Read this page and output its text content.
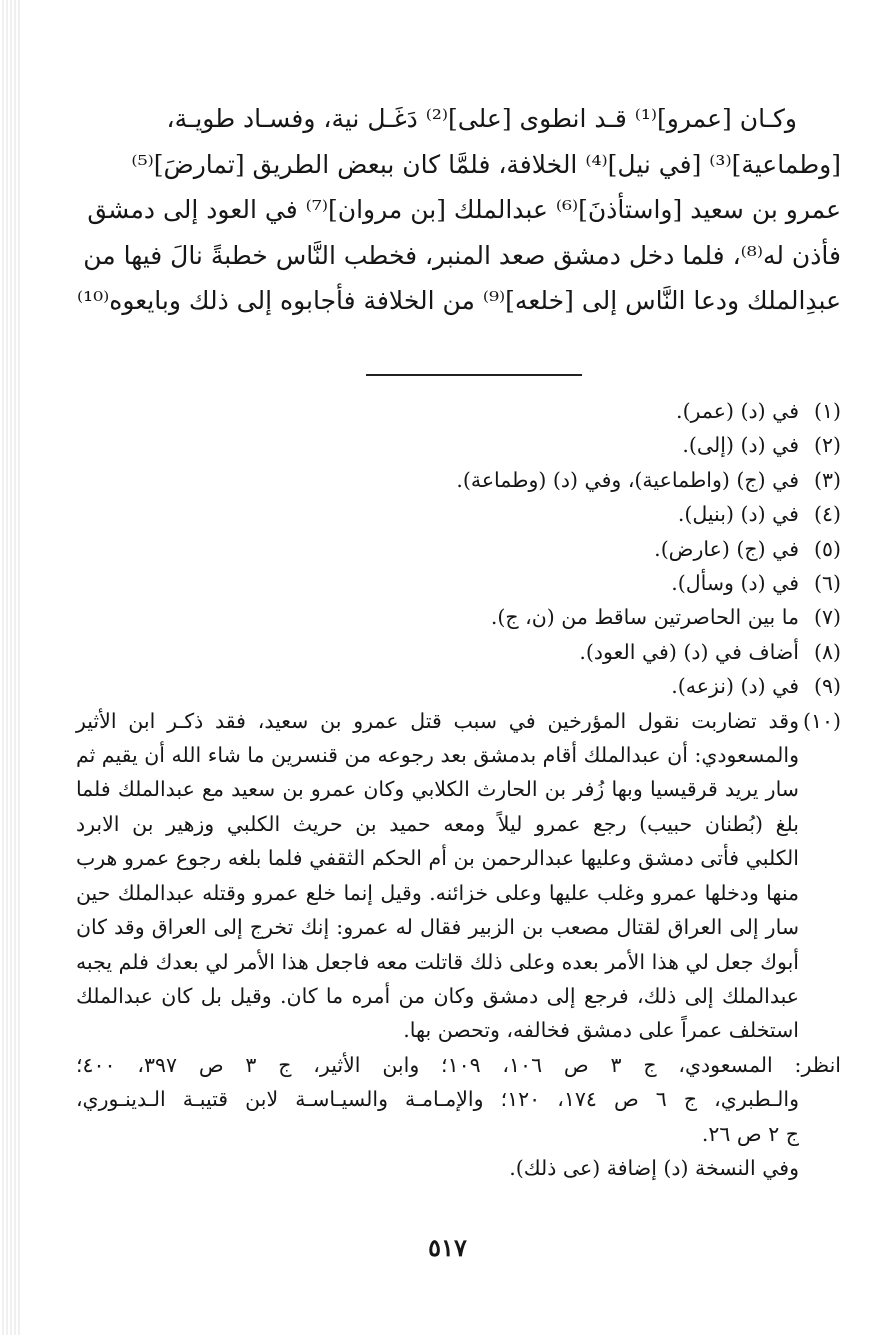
وكـان [عمرو]⁽¹⁾ قـد انطوى [على]⁽²⁾ دَغَـل نية، وفسـاد طويـة،
[وطماعية]⁽³⁾ [في نيل]⁽⁴⁾ الخلافة، فلمَّا كان ببعض الطريق [تمارضَ]⁽⁵⁾
عمرو بن سعيد [واستأذنَ]⁽⁶⁾ عبدالملك [بن مروان]⁽⁷⁾ في العود إلى دمشق
فأذن له⁽⁸⁾، فلما دخل دمشق صعد المنبر، فخطب النَّاس خطبةً نالَ فيها من
عبدِالملك ودعا النَّاس إلى [خلعه]⁽⁹⁾ من الخلافة فأجابوه إلى ذلك وبايعوه⁽¹⁰⁾
(١)
في (د) (عمر).
(٢)
في (د) (إلى).
(٣)
في (ج) (واطماعية)، وفي (د) (وطماعة).
(٤)
في (د) (بنيل).
(٥)
في (ج) (عارض).
(٦)
في (د) وسأل).
(٧)
ما بين الحاصرتين ساقط من (ن، ج).
(٨)
أضاف في (د) (في العود).
(٩)
في (د) (نزعه).
(١٠)
وقد تضاربت نقول المؤرخين في سبب قتل عمرو بن سعيد، فقد ذكـر ابن الأثير
والمسعودي: أن عبدالملك أقام بدمشق بعد رجوعه من قنسرين ما شاء الله أن يقيم ثم
سار يريد قرقيسيا وبها زُفر بن الحارث الكلابي وكان عمرو بن سعيد مع عبدالملك فلما
بلغ (بُطنان حبيب) رجع عمرو ليلاً ومعه حميد بن حريث الكلبي وزهير بن الابرد
الكلبي فأتى دمشق وعليها عبدالرحمن بن أم الحكم الثقفي فلما بلغه رجوع عمرو هرب
منها ودخلها عمرو وغلب عليها وعلى خزائنه. وقيل إنما خلع عمرو وقتله عبدالملك حين
سار إلى العراق لقتال مصعب بن الزبير فقال له عمرو: إنك تخرج إلى العراق وقد كان
أبوك جعل لي هذا الأمر بعده وعلى ذلك قاتلت معه فاجعل هذا الأمر لي بعدك فلم يجبه
عبدالملك إلى ذلك، فرجع إلى دمشق وكان من أمره ما كان. وقيل بل كان عبدالملك
استخلف عمراً على دمشق فخالفه، وتحصن بها.
انظر: المسعودي، ج ٣ ص ١٠٦، ١٠٩؛ وابن الأثير، ج ٣ ص ٣٩٧، ٤٠٠؛
والـطبري، ج ٦ ص ١٧٤، ١٢٠؛ والإمـامـة والسيـاسـة لابن قتيبـة الـدينـوري،
ج ٢ ص ٢٦.
وفي النسخة (د) إضافة (عى ذلك).
٥١٧
